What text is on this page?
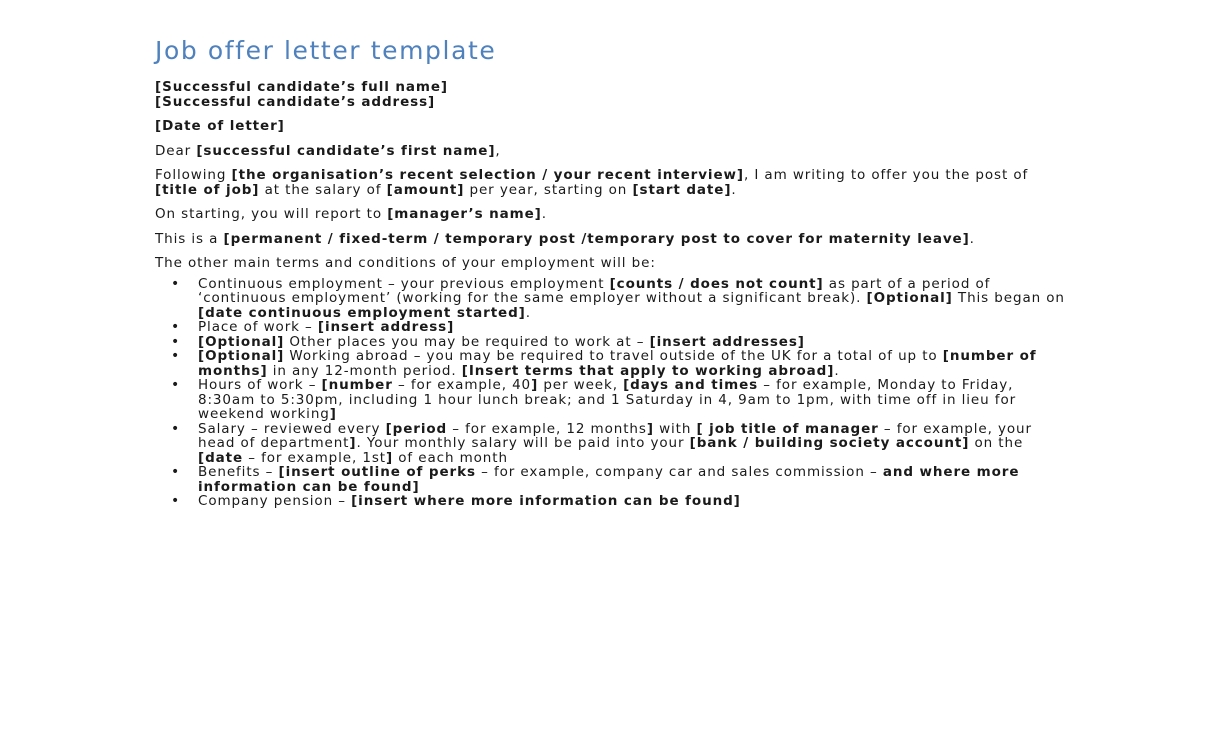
Job offer letter template

[Successful candidate’s full name]

[Successful candidate’s address]

[Date of letter]

Dear [successful candidate’s first name],

Following [the organisation’s recent selection / your recent interview], I am writing to offer you the post of [title of job] at the salary of [amount] per year, starting on [start date].

On starting, you will report to [manager’s name].

This is a [permanent / fixed-term / temporary post /temporary post to cover for maternity leave].

The other main terms and conditions of your employment will be:

• Continuous employment – your previous employment [counts / does not count] as part of a period of ‘continuous employment’ (working for the same employer without a significant break). [Optional] This began on [date continuous employment started].
• Place of work – [insert address]
• [Optional] Other places you may be required to work at – [insert addresses]
• [Optional] Working abroad – you may be required to travel outside of the UK for a total of up to [number of months] in any 12-month period. [Insert terms that apply to working abroad].
• Hours of work – [number – for example, 40] per week, [days and times – for example, Monday to Friday, 8:30am to 5:30pm, including 1 hour lunch break; and 1 Saturday in 4, 9am to 1pm, with time off in lieu for weekend working]
• Salary – reviewed every [period – for example, 12 months] with [ job title of manager – for example, your head of department]. Your monthly salary will be paid into your [bank / building society account] on the [date – for example, 1st] of each month
• Benefits – [insert outline of perks – for example, company car and sales commission – and where more information can be found]
• Company pension – [insert where more information can be found]
